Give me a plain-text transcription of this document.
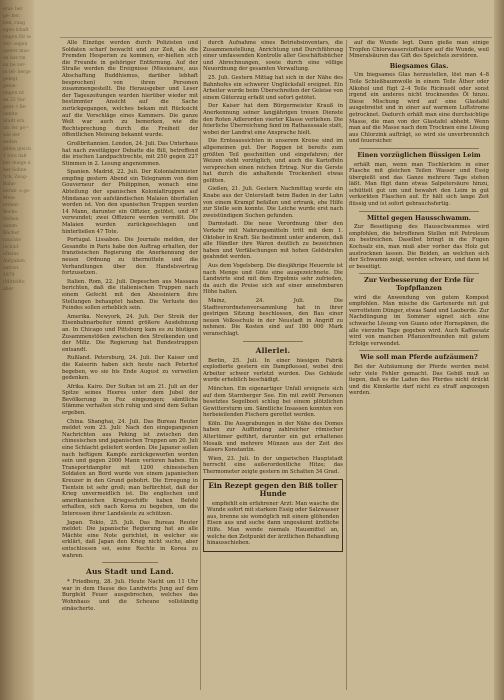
eral- ber ge- ber, ben, rung egen fchaft ungen für ie ver- :eigen sperer mus- en bar rm an be ver- in tel- berge gelegt genie- ungen rd
en 25 Ver- gent- t Be- lannte Stadt ern im: fer ge= wie der enden jelfen gleich 1 foro daß ber dunge n her Sohne fich, Zeug- Bahn-
berab- a ge- Mem- ordent- Boche tlichen einem Bücher rauchte tschäd- ufteins Aufgaben oatriot.
1870
(Mittelfte
aber

Alle Einzüge werden durch Polizisten und Soldaten scharf bewacht und zur Zeit, als die Fremden Hesperien zu kommen, er-hielten sich die Freunde in gehöriger Entfernung. Auf der Straße werden die Ereignisse (Missionare, aus Abschaffung Buddhismus, darüber lebhaft besprochen) von ihren Personen zusammengestellt. Die Herausgeber und Leser der Tageszeitungen wurden hierüber wieder mit bestimmter Ansicht auf die Sache zurückgegangen, welches bekam mit Rücksicht auf die Vorschläge eines Kammers. Die ganze Welt war auch zu bemerken, wie die Rechtsprechung durch die Freiheit der öffentlichen Meinung bekannt wurde.

Großbritannien. London, 24. Juli. Das Unterhaus hat nach zweitägiger Debatte die Bill, betreffend die irischen Landpachtrechte, mit 250 gegen 227 Stimmen in 2. Lesung angenommen.

Spanien. Madrid, 22. Juli. Der Kolonialminister empfing gestern Abend ein Telegramm von dem Gouverneur der Philippinen, wonach eine Abteilung der spanischen Kolonialtruppen auf Mindanao von aufständischen Malaien überfallen worden ist. Von den spanischen Truppen wurden 14 Mann, darunter ein Offizier, getötet, und 47 verwundet; zwei Offiziere werden vermißt. Die Malaien wurden zurückgeschlagen und hinterließen 47 Tote.

Portugal. Lissabon. Die Journale melden, der Gesandte in Paris habe den Auftrag erhalten, der französischen Regierung die Anerkennung der neuen Ordnung zu übermitteln und die Verhandlungen über den Handelsvertrag fortzusetzen.

Italien. Rom, 22. Juli. Depeschen aus Massaua berichten, daß die italienischen Truppen nach einem Gefecht mit den Abessiniern ihre Stellungen behauptet haben. Die Verluste des Feindes sollen erheblich sein.

Amerika. Newyork, 24. Juli. Der Streik der Eisenbahnarbeiter nimmt größere Ausdehnung an. In Chicago und Pittsburg kam es zu blutigen Zusammenstößen zwischen den Streikenden und der Miliz. Die Regierung hat Bundestruppen entsandt.

Rußland. Petersburg, 24. Juli. Der Kaiser und die Kaiserin haben sich heute nach Peterhof begeben, wo sie bis Ende August zu verweilen gedenken.

Afrika. Kairo. Der Sultan ist am 21. Juli an der Spitze seines Heeres unter dem Jubel der Bevölkerung in Fez eingezogen; sämtliche Stämme verhalten sich ruhig und sind dem Sultan ergeben.

China. Shanghai, 24. Juli. Das Bureau Reuter meldet vom 23. Juli: Nach den eingegangenen Nachrichten aus Peking ist zwischen den chinesischen und japanischen Truppen am 20. Juli eine Schlacht geliefert worden. Die Japaner sollen nach heftigem Kampfe zurückgeworfen worden sein und gegen 2000 Mann verloren haben. Ein Transportdampfer mit 1200 chinesischen Soldaten an Bord wurde von einem japanischen Kreuzer in den Grund gebohrt. Die Erregung in Tientsin ist sehr groß; man befürchtet, daß der Krieg unvermeidlich ist. Die englischen und amerikanischen Kriegsschiffe haben Befehl erhalten, sich nach Korea zu begeben, um die Interessen ihrer Landsleute zu schützen.

Japan. Tokio, 25. Juli. Das Bureau Reuter meldet: Die japanische Regierung hat an alle Mächte eine Note gerichtet, in welcher sie erklärt, daß Japan den Krieg nicht suche, aber entschlossen sei, seine Rechte in Korea zu wahren.

Aus Stadt und Land.

* Friedberg, 28. Juli. Heute Nacht um 11 Uhr war in dem Hause des Landwirts Jung auf dem Burgfeld Feuer ausgebrochen, welches das Wohnhaus und die Scheune vollständig einäscherte.

durch Aufnahme eines Betriebsinventars, die Zusammenstellung, Anrichtung und Durchführung einer umfassenden Kontrolle aller Geschäftsbücher und Abrechnungen, sowie durch eine völlige Neuordnung der gesamten Verwaltung.

25. Juli. Gestern Mittag hat sich in der Nähe des Bahnhofes ein schwerer Unglücksfall ereignet. Ein Arbeiter wurde beim Überschreiten der Geleise von einem Güterzug erfaßt und sofort getötet.

Der Kaiser hat dem Bürgermeister Krauß in Anerkennung seiner langjährigen treuen Dienste den Roten Adlerorden vierter Klasse verliehen. Die feierliche Überreichung fand im Rathaussaale statt, wobei der Landrat eine Ansprache hielt.

Die Ernteaussichten in unserem Kreise sind im allgemeinen gut. Der Roggen ist bereits zum größten Teil geschnitten und eingefahren; der Weizen steht vorzüglich, und auch die Kartoffeln versprechen einen reichen Ertrag. Nur die Gerste hat durch die anhaltende Trockenheit etwas gelitten.

Gießen, 21. Juli. Gestern Nachmittag wurde ein Knabe aus der Unterstadt beim Baden in der Lahn von einem Krampf befallen und ertrank, ehe Hilfe zur Stelle sein konnte. Die Leiche wurde erst nach zweistündigem Suchen gefunden.

Darmstadt. Die neue Verordnung über den Verkehr mit Nahrungsmitteln tritt mit dem 1. Oktober in Kraft. Sie bestimmt unter anderem, daß alle Händler ihre Waren deutlich zu bezeichnen haben und Verfälschungen mit hohen Geldstrafen geahndet werden.

Aus dem Vogelsberg. Die diesjährige Heuernte ist nach Menge und Güte eine ausgezeichnete. Die Landwirte sind mit dem Ergebnis sehr zufrieden, da auch die Preise sich auf einer annehmbaren Höhe halten.

Mainz, 24. Juli. Die Stadtverordnetenversammlung hat in ihrer gestrigen Sitzung beschlossen, den Bau einer neuen Volksschule in der Neustadt in Angriff zu nehmen. Die Kosten sind auf 180 000 Mark veranschlagt.

Allerlei.

Berlin, 25. Juli. In einer hiesigen Fabrik explodierte gestern ein Dampfkessel, wobei drei Arbeiter schwer verletzt wurden. Das Gebäude wurde erheblich beschädigt.

München. Ein eigenartiger Unfall ereignete sich auf dem Starnberger See. Ein mit zwölf Personen besetztes Segelboot schlug bei einem plötzlichen Gewittersturm um. Sämtliche Insassen konnten von herbeieilenden Fischern gerettet werden.

Köln. Die Ausgrabungen in der Nähe des Domes haben zur Auffindung zahlreicher römischer Altertümer geführt, darunter ein gut erhaltenes Mosaik und mehrere Münzen aus der Zeit des Kaisers Konstantin.

Wien, 23. Juli. In der ungarischen Hauptstadt herrscht eine außerordentliche Hitze; das Thermometer zeigte gestern im Schatten 34 Grad.

Ein Rezept gegen den Biß toller Hunde

empfiehlt ein erfahrener Arzt: Man wasche die Wunde sofort mit starkem Essig oder Salzwasser aus, brenne sie womöglich mit einem glühenden Eisen aus und suche dann ungesäumt ärztliche Hilfe. Man wende niemals Hausmittel an, welche den Zeitpunkt der ärztlichen Behandlung hinausschieben.

auf die Wunde legt. Dann gieße man einige Tropfen Chlorwasserstoffsäure auf die Wunde, weil Mineralsäuren das Gift des Speichels zerstören.

Biegsames Glas.

Um biegsames Glas herzustellen, löst man 4–8 Teile Schießbaumwolle in einem Teile Äther oder Alkohol und fügt 2–4 Teile Ricinusöl oder sonst irgend ein anderes nicht trocknendes Öl hinzu. Diese Mischung wird auf eine Glastafel ausgebreitet und in einer auf warmem Luftstrome getrocknet. Dadurch erhält man eine durchsichtige Masse, die man von der Glastafel abhebt. Wenn man auf die Masse nach dem Trocknen eine Lösung aus Chlorzink aufträgt, so wird sie unverbrennlich und feuersicher.

Einen vorzüglichen flüssigen Leim

erhält man, wenn man Tischlerleim in einer Flasche mit gleichen Teilen Wasser und Essig übergießt und das Ganze mehrere Tage stehen läßt. Man fügt dann etwas Salpetersäure hinzu, schüttelt gut um und bewahrt den Leim in gut verkorkten Flaschen auf. Er hält sich lange Zeit flüssig und ist sofort gebrauchsfertig.

Mittel gegen Hausschwamm.

Zur Beseitigung des Hausschwammes wird empfohlen, die betroffenen Stellen mit Petroleum zu bestreichen. Daselbst bringt in die Fugen Kochsalz ein, man muß aber vorher das Holz gut austrocknen lassen. Die Beiden, an welchen sich der Schwamm zeigt, werden schwarz, und dann ist er beseitigt.

Zur Verbesserung der Erde für Topfpflanzen

wird die Anwendung von gutem Kompost empfohlen. Man mische die Gartenerde mit gut verrottetem Dünger, etwas Sand und Lauberde. Zur Nachdüngung im Sommer eignet sich eine schwache Lösung von Guano oder Hornspänen, die alle vierzehn Tage gegeben wird. Auch Kaffeesatz wird von manchen Pflanzenfreunden mit gutem Erfolge verwendet.

Wie soll man Pferde aufzäumen?

Bei der Aufzäumung der Pferde werden meist sehr viele Fehler gemacht. Das Gebiß muß so liegen, daß es die Laden des Pferdes nicht drückt und die Kinnkette darf nicht zu straff angezogen werden.
